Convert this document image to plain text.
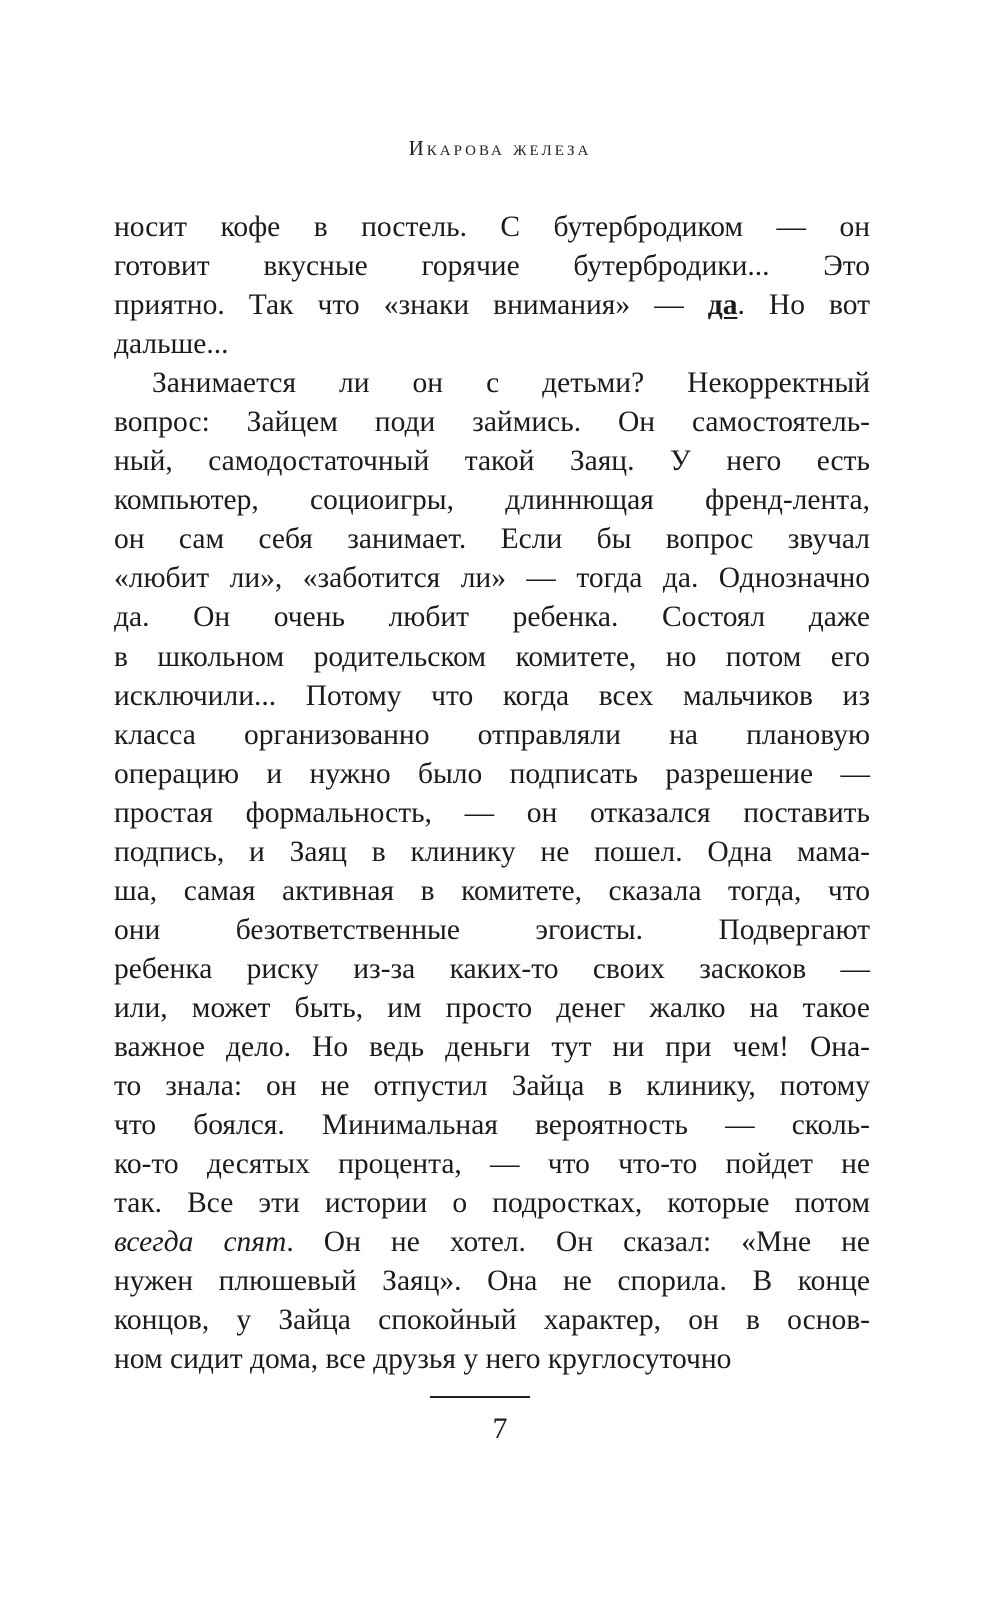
Икарова железа
носит кофе в постель. С бутербродиком — он
готовит вкусные горячие бутербродики... Это
приятно. Так что «знаки внимания» — да. Но вот
дальше...
Занимается ли он с детьми? Некорректный
вопрос: Зайцем поди займись. Он самостоятель-
ный, самодостаточный такой Заяц. У него есть
компьютер, социоигры, длиннющая френд-лента,
он сам себя занимает. Если бы вопрос звучал
«любит ли», «заботится ли» — тогда да. Однозначно
да. Он очень любит ребенка. Состоял даже
в школьном родительском комитете, но потом его
исключили... Потому что когда всех мальчиков из
класса организованно отправляли на плановую
операцию и нужно было подписать разрешение —
простая формальность, — он отказался поставить
подпись, и Заяц в клинику не пошел. Одна мама-
ша, самая активная в комитете, сказала тогда, что
они безответственные эгоисты. Подвергают
ребенка риску из-за каких-то своих заскоков —
или, может быть, им просто денег жалко на такое
важное дело. Но ведь деньги тут ни при чем! Она-
то знала: он не отпустил Зайца в клинику, потому
что боялся. Минимальная вероятность — сколь-
ко-то десятых процента, — что что-то пойдет не
так. Все эти истории о подростках, которые потом
всегда спят. Он не хотел. Он сказал: «Мне не
нужен плюшевый Заяц». Она не спорила. В конце
концов, у Зайца спокойный характер, он в основ-
ном сидит дома, все друзья у него круглосуточно
7
